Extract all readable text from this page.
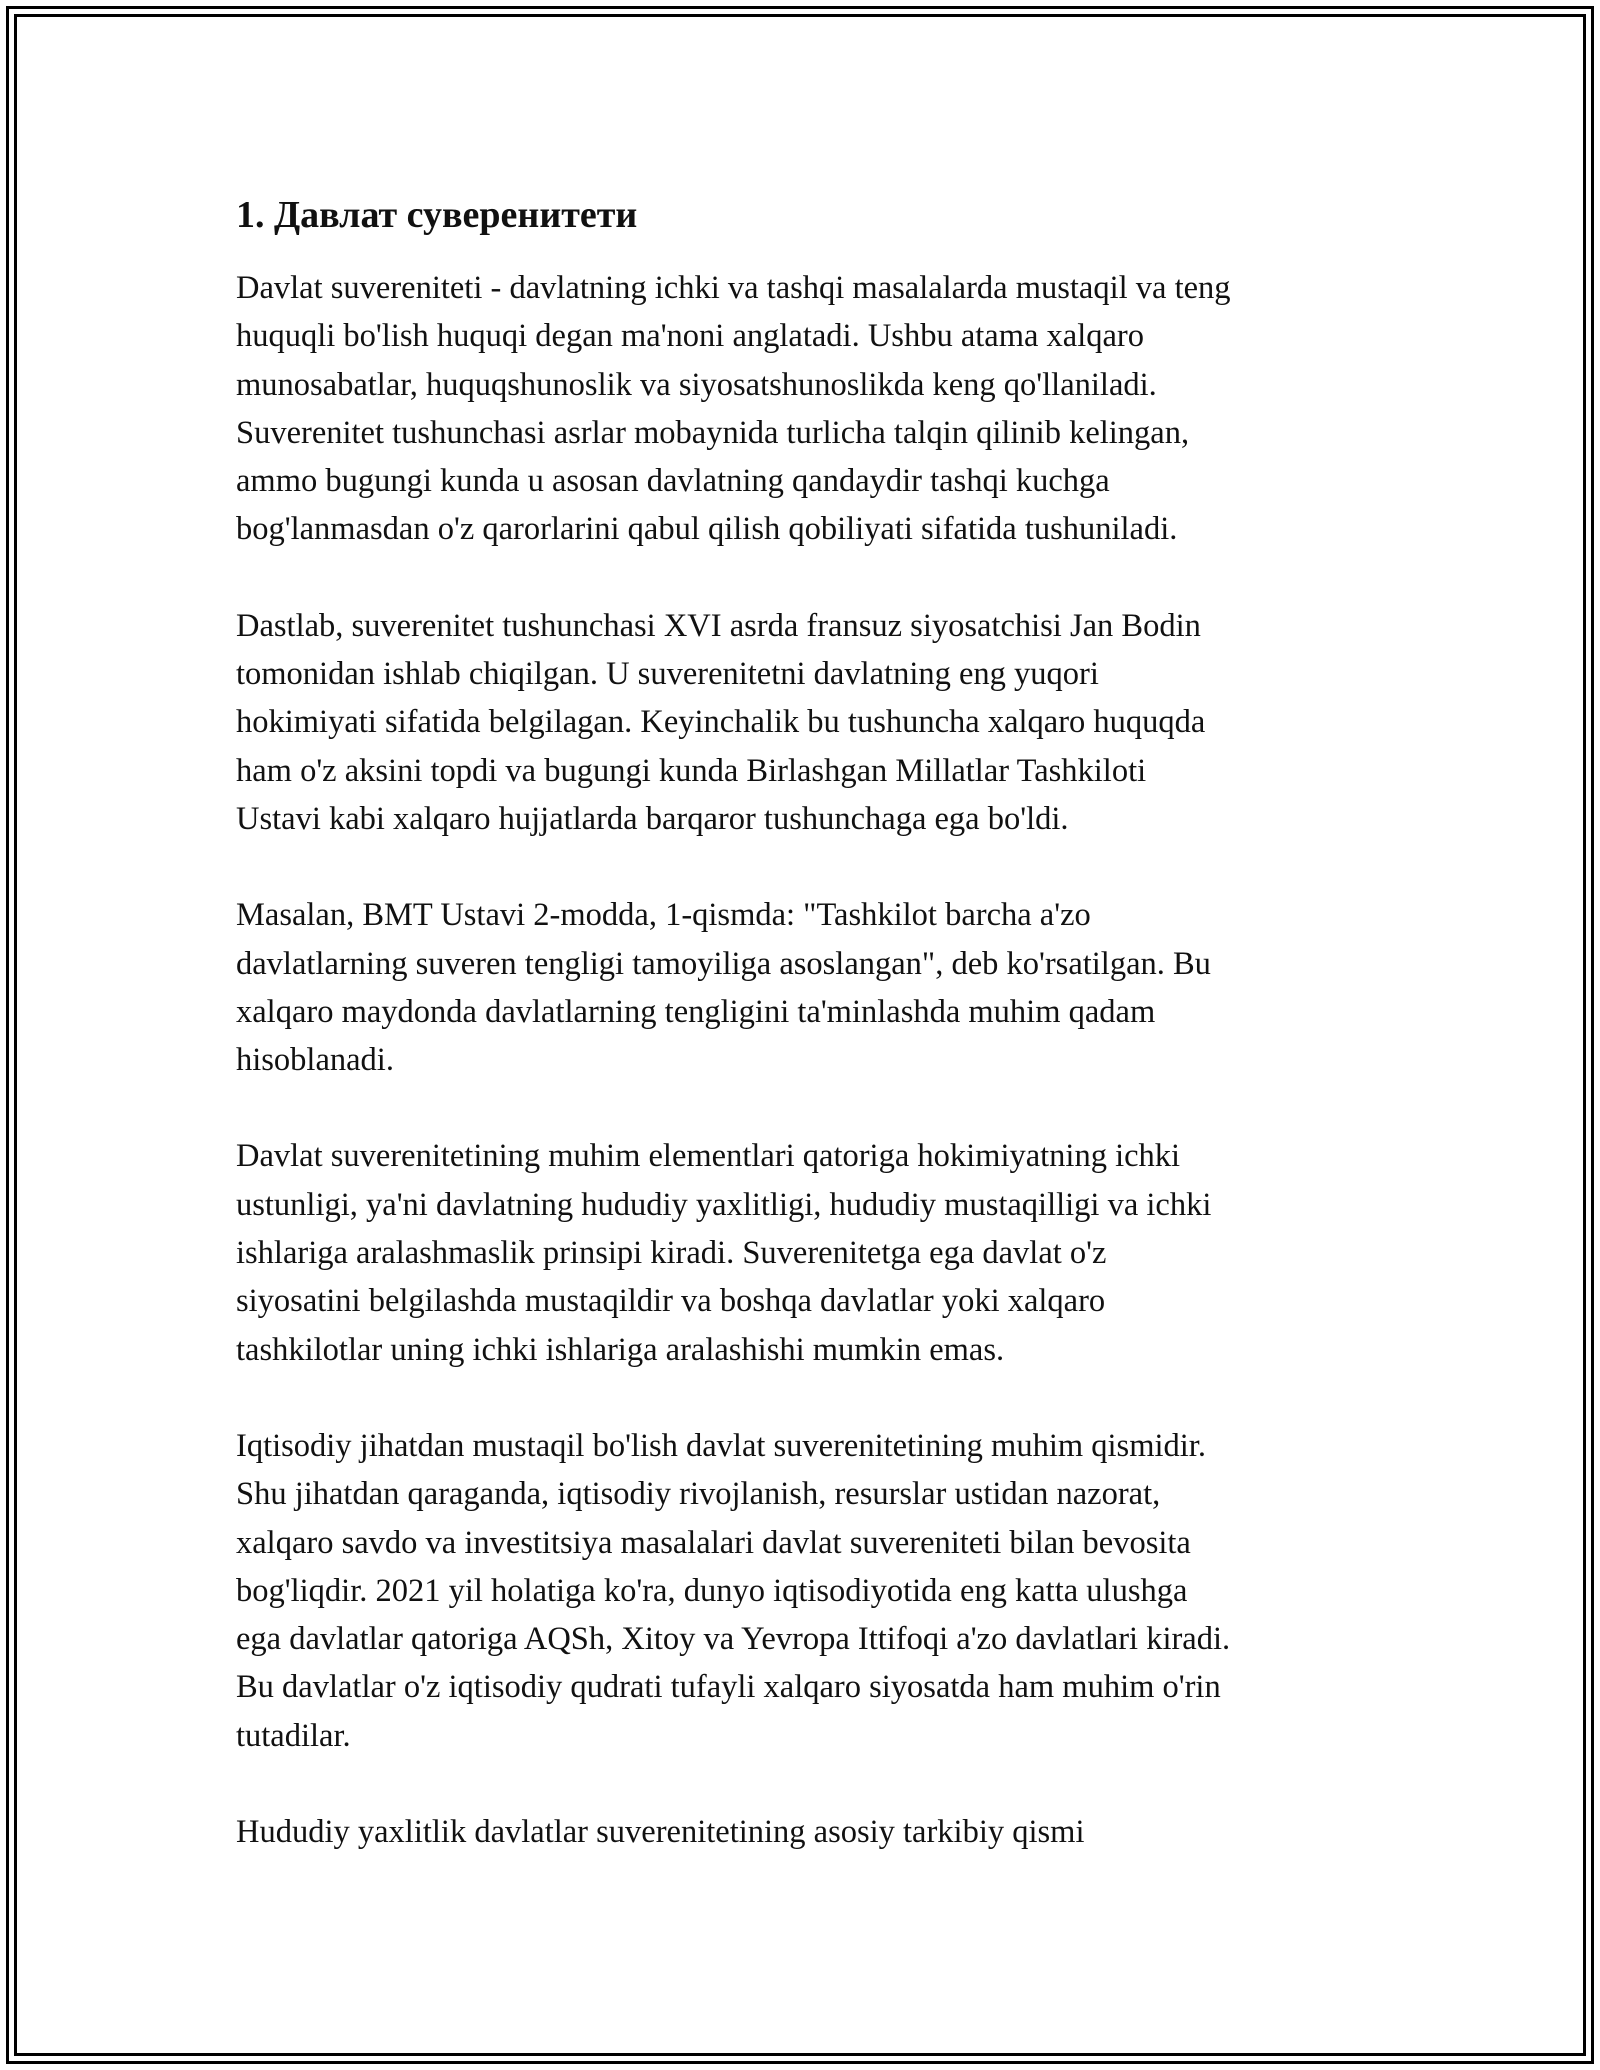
1. Давлат суверенитети

Davlat suvereniteti - davlatning ichki va tashqi masalalarda mustaqil va teng
huquqli bo'lish huquqi degan ma'noni anglatadi. Ushbu atama xalqaro
munosabatlar, huquqshunoslik va siyosatshunoslikda keng qo'llaniladi.
Suverenitet tushunchasi asrlar mobaynida turlicha talqin qilinib kelingan,
ammo bugungi kunda u asosan davlatning qandaydir tashqi kuchga
bog'lanmasdan o'z qarorlarini qabul qilish qobiliyati sifatida tushuniladi.

Dastlab, suverenitet tushunchasi XVI asrda fransuz siyosatchisi Jan Bodin
tomonidan ishlab chiqilgan. U suverenitetni davlatning eng yuqori
hokimiyati sifatida belgilagan. Keyinchalik bu tushuncha xalqaro huquqda
ham o'z aksini topdi va bugungi kunda Birlashgan Millatlar Tashkiloti
Ustavi kabi xalqaro hujjatlarda barqaror tushunchaga ega bo'ldi.

Masalan, BMT Ustavi 2-modda, 1-qismda: "Tashkilot barcha a'zo
davlatlarning suveren tengligi tamoyiliga asoslangan", deb ko'rsatilgan. Bu
xalqaro maydonda davlatlarning tengligini ta'minlashda muhim qadam
hisoblanadi.

Davlat suverenitetining muhim elementlari qatoriga hokimiyatning ichki
ustunligi, ya'ni davlatning hududiy yaxlitligi, hududiy mustaqilligi va ichki
ishlariga aralashmaslik prinsipi kiradi. Suverenitetga ega davlat o'z
siyosatini belgilashda mustaqildir va boshqa davlatlar yoki xalqaro
tashkilotlar uning ichki ishlariga aralashishi mumkin emas.

Iqtisodiy jihatdan mustaqil bo'lish davlat suverenitetining muhim qismidir.
Shu jihatdan qaraganda, iqtisodiy rivojlanish, resurslar ustidan nazorat,
xalqaro savdo va investitsiya masalalari davlat suvereniteti bilan bevosita
bog'liqdir. 2021 yil holatiga ko'ra, dunyo iqtisodiyotida eng katta ulushga
ega davlatlar qatoriga AQSh, Xitoy va Yevropa Ittifoqi a'zo davlatlari kiradi.
Bu davlatlar o'z iqtisodiy qudrati tufayli xalqaro siyosatda ham muhim o'rin
tutadilar.

Hududiy yaxlitlik davlatlar suverenitetining asosiy tarkibiy qismi
